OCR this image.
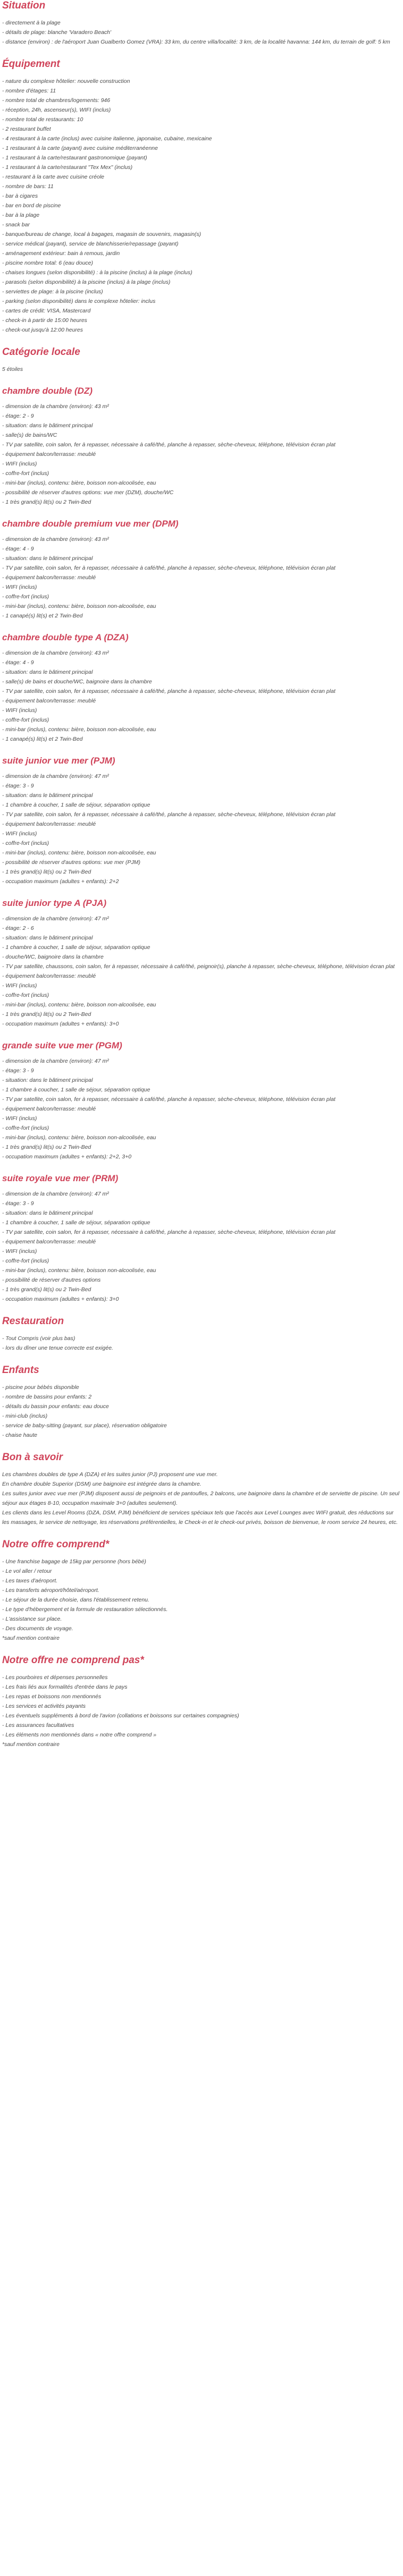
Situation
- directement à la plage
- détails de plage: blanche 'Varadero Beach'
- distance (environ) : de l'aéroport Juan Gualberto Gomez (VRA): 33 km, du centre villa/localité: 3 km, de la localité havanna: 144 km, du terrain de golf: 5 km
Équipement
- nature du complexe hôtelier: nouvelle construction
- nombre d'étages: 11
- nombre total de chambres/logements: 946
- réception, 24h, ascenseur(s), WIFI (inclus)
- nombre total de restaurants: 10
- 2 restaurant buffet
- 4 restaurant à la carte (inclus) avec cuisine italienne, japonaise, cubaine, mexicaine
- 1 restaurant à la carte (payant) avec cuisine méditerranéenne
- 1 restaurant à la carte/restaurant gastronomique (payant)
- 1 restaurant à la carte/restaurant "Tex Mex" (inclus)
- restaurant à la carte avec cuisine créole
- nombre de bars: 11
- bar à cigares
- bar en bord de piscine
- bar à la plage
- snack bar
- banque/bureau de change, local à bagages, magasin de souvenirs, magasin(s)
- service médical (payant), service de blanchisserie/repassage (payant)
- aménagement extérieur: bain à remous, jardin
- piscine nombre total: 6 (eau douce)
- chaises longues (selon disponibilité) : à la piscine (inclus) à la plage (inclus)
- parasols (selon disponibilité) à la piscine (inclus) à la plage (inclus)
- serviettes de plage: à la piscine (inclus)
- parking (selon disponibilité) dans le complexe hôtelier: inclus
- cartes de crédit: VISA, Mastercard
- check-in à partir de 15:00 heures
- check-out jusqu'à 12:00 heures
Catégorie locale
5 étoiles
chambre double (DZ)
- dimension de la chambre (environ): 43 m²
- étage: 2 - 9
- situation: dans le bâtiment principal
- salle(s) de bains/WC
- TV par satellite, coin salon, fer à repasser, nécessaire à café/thé, planche à repasser, sèche-cheveux, téléphone, télévision écran plat
- équipement balcon/terrasse: meublé
- WIFI (inclus)
- coffre-fort (inclus)
- mini-bar (inclus), contenu: bière, boisson non-alcoolisée, eau
- possibilité de réserver d'autres options: vue mer (DZM), douche/WC
- 1 très grand(s) lit(s) ou 2 Twin-Bed
chambre double premium vue mer (DPM)
- dimension de la chambre (environ): 43 m²
- étage: 4 - 9
- situation: dans le bâtiment principal
- TV par satellite, coin salon, fer à repasser, nécessaire à café/thé, planche à repasser, sèche-cheveux, téléphone, télévision écran plat
- équipement balcon/terrasse: meublé
- WIFI (inclus)
- coffre-fort (inclus)
- mini-bar (inclus), contenu: bière, boisson non-alcoolisée, eau
- 1 canapé(s) lit(s) et 2 Twin-Bed
chambre double type A (DZA)
- dimension de la chambre (environ): 43 m²
- étage: 4 - 9
- situation: dans le bâtiment principal
- salle(s) de bains et douche/WC, baignoire dans la chambre
- TV par satellite, coin salon, fer à repasser, nécessaire à café/thé, planche à repasser, sèche-cheveux, téléphone, télévision écran plat
- équipement balcon/terrasse: meublé
- WIFI (inclus)
- coffre-fort (inclus)
- mini-bar (inclus), contenu: bière, boisson non-alcoolisée, eau
- 1 canapé(s) lit(s) et 2 Twin-Bed
suite junior vue mer (PJM)
- dimension de la chambre (environ): 47 m²
- étage: 3 - 9
- situation: dans le bâtiment principal
- 1 chambre à coucher, 1 salle de séjour, séparation optique
- TV par satellite, coin salon, fer à repasser, nécessaire à café/thé, planche à repasser, sèche-cheveux, téléphone, télévision écran plat
- équipement balcon/terrasse: meublé
- WIFI (inclus)
- coffre-fort (inclus)
- mini-bar (inclus), contenu: bière, boisson non-alcoolisée, eau
- possibilité de réserver d'autres options: vue mer (PJM)
- 1 très grand(s) lit(s) ou 2 Twin-Bed
- occupation maximum (adultes + enfants): 2+2
suite junior type A (PJA)
- dimension de la chambre (environ): 47 m²
- étage: 2 - 6
- situation: dans le bâtiment principal
- 1 chambre à coucher, 1 salle de séjour, séparation optique
- douche/WC, baignoire dans la chambre
- TV par satellite, chaussons, coin salon, fer à repasser, nécessaire à café/thé, peignoir(s), planche à repasser, sèche-cheveux, téléphone, télévision écran plat
- équipement balcon/terrasse: meublé
- WIFI (inclus)
- coffre-fort (inclus)
- mini-bar (inclus), contenu: bière, boisson non-alcoolisée, eau
- 1 très grand(s) lit(s) ou 2 Twin-Bed
- occupation maximum (adultes + enfants): 3+0
grande suite vue mer (PGM)
- dimension de la chambre (environ): 47 m²
- étage: 3 - 9
- situation: dans le bâtiment principal
- 1 chambre à coucher, 1 salle de séjour, séparation optique
- TV par satellite, coin salon, fer à repasser, nécessaire à café/thé, planche à repasser, sèche-cheveux, téléphone, télévision écran plat
- équipement balcon/terrasse: meublé
- WIFI (inclus)
- coffre-fort (inclus)
- mini-bar (inclus), contenu: bière, boisson non-alcoolisée, eau
- 1 très grand(s) lit(s) ou 2 Twin-Bed
- occupation maximum (adultes + enfants): 2+2, 3+0
suite royale vue mer (PRM)
- dimension de la chambre (environ): 47 m²
- étage: 3 - 9
- situation: dans le bâtiment principal
- 1 chambre à coucher, 1 salle de séjour, séparation optique
- TV par satellite, coin salon, fer à repasser, nécessaire à café/thé, planche à repasser, sèche-cheveux, téléphone, télévision écran plat
- équipement balcon/terrasse: meublé
- WIFI (inclus)
- coffre-fort (inclus)
- mini-bar (inclus), contenu: bière, boisson non-alcoolisée, eau
- possibilité de réserver d'autres options
- 1 très grand(s) lit(s) ou 2 Twin-Bed
- occupation maximum (adultes + enfants): 3+0
Restauration
- Tout Compris (voir plus bas)
- lors du dîner une tenue correcte est exigée.
Enfants
- piscine pour bébés disponible
- nombre de bassins pour enfants: 2
- détails du bassin pour enfants: eau douce
- mini-club (inclus)
- service de baby-sitting (payant, sur place), réservation obligatoire
- chaise haute
Bon à savoir
Les chambres doubles de type A (DZA) et les suites junior (PJ) proposent une vue mer.
En chambre double Superior (DSM) une baignoire est intégrée dans la chambre.
Les suites junior avec vue mer (PJM) disposent aussi de peignoirs et de pantoufles, 2 balcons, une baignoire dans la chambre et de serviette de piscine. Un seul séjour aux étages 8-10, occupation maximale 3+0 (adultes seulement).
Les clients dans les Level Rooms (DZA, DSM, PJM) bénéficient de services spéciaux tels que l'accès aux Level Lounges avec WIFI gratuit, des réductions sur les massages, le service de nettoyage, les réservations préférentielles, le Check-in et le check-out privés, boisson de bienvenue, le room service 24 heures, etc.
Notre offre comprend*
- Une franchise bagage de 15kg par personne (hors bébé)
- Le vol aller / retour
- Les taxes d'aéroport.
- Les transferts aéroport/hôtel/aéroport.
- Le séjour de la durée choisie, dans l'établissement retenu.
- Le type d'hébergement et la formule de restauration sélectionnés.
- L'assistance sur place.
- Des documents de voyage.
*sauf mention contraire
Notre offre ne comprend pas*
- Les pourboires et dépenses personnelles
- Les frais liés aux formalités d'entrée dans le pays
- Les repas et boissons non mentionnés
- Les services et activités payants
- Les éventuels suppléments à bord de l'avion (collations et boissons sur certaines compagnies)
- Les assurances facultatives
- Les éléments non mentionnés dans « notre offre comprend »
*sauf mention contraire
